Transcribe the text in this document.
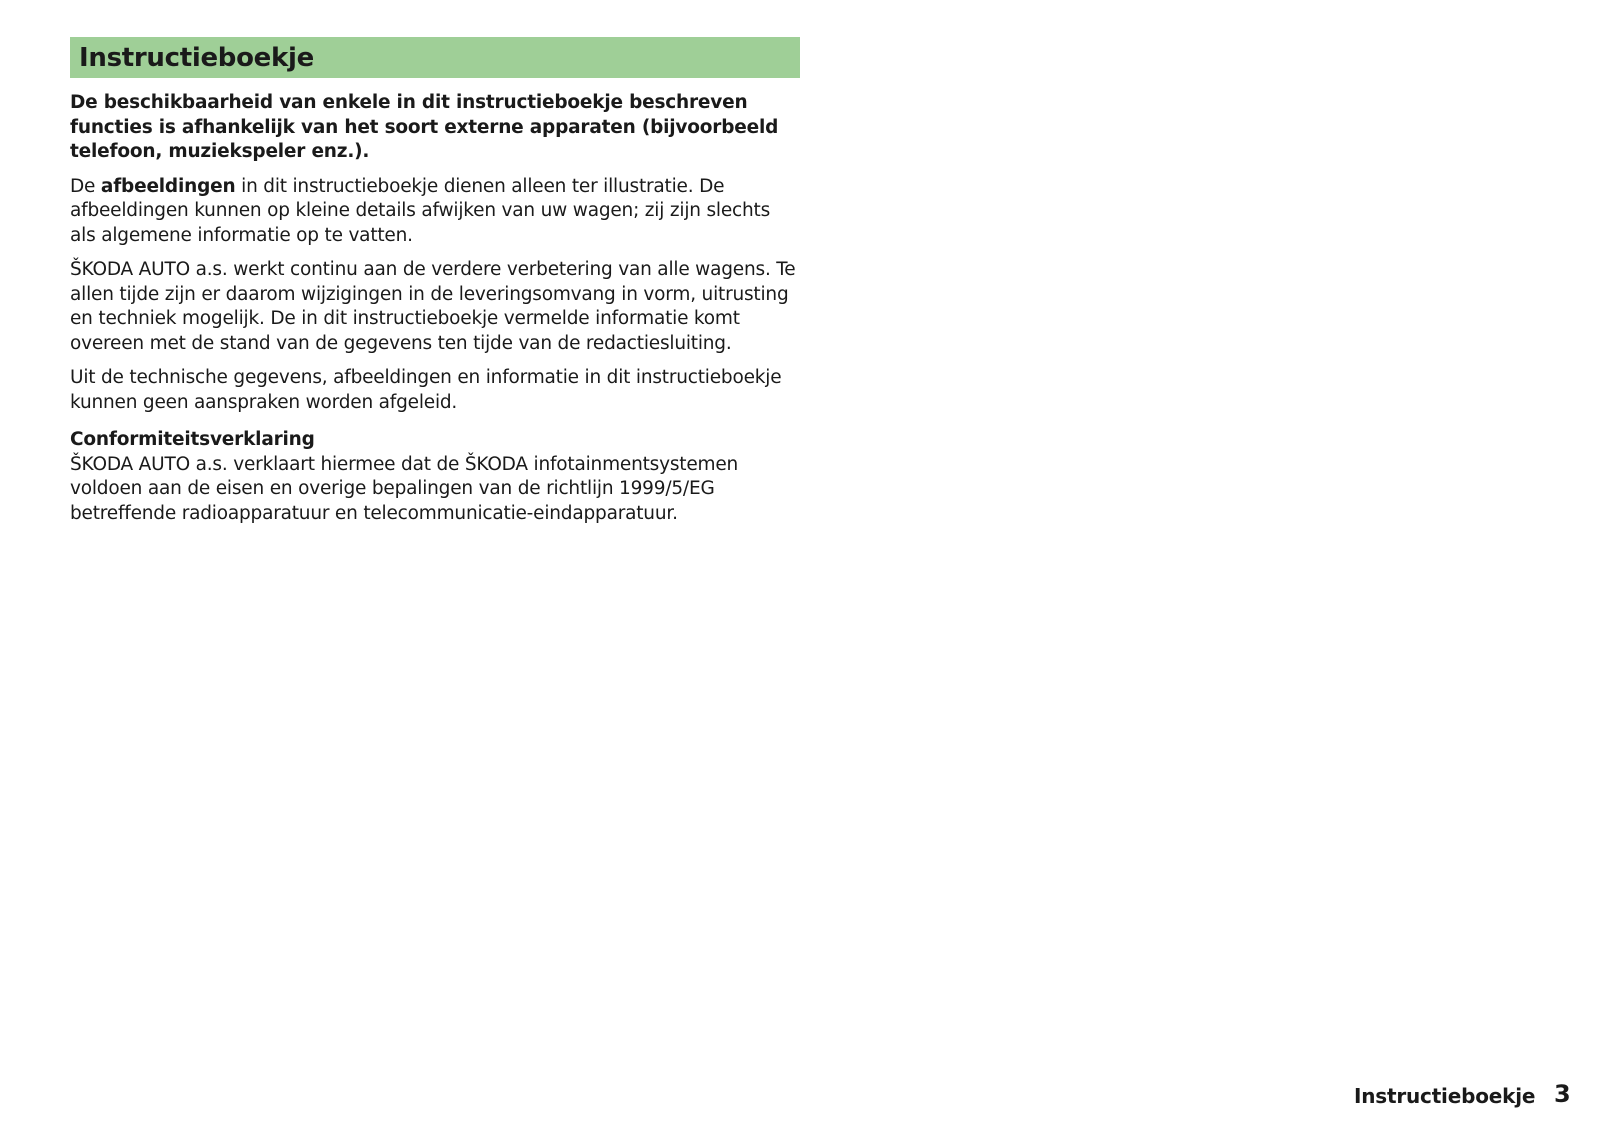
Instructieboekje
De beschikbaarheid van enkele in dit instructieboekje beschreven functies is afhankelijk van het soort externe apparaten (bijvoorbeeld telefoon, muziekspeler enz.).
De afbeeldingen in dit instructieboekje dienen alleen ter illustratie. De afbeeldingen kunnen op kleine details afwijken van uw wagen; zij zijn slechts als algemene informatie op te vatten.
ŠKODA AUTO a.s. werkt continu aan de verdere verbetering van alle wagens. Te allen tijde zijn er daarom wijzigingen in de leveringsomvang in vorm, uitrusting en techniek mogelijk. De in dit instructieboekje vermelde informatie komt overeen met de stand van de gegevens ten tijde van de redactiesluiting.
Uit de technische gegevens, afbeeldingen en informatie in dit instructieboekje kunnen geen aanspraken worden afgeleid.
Conformiteitsverklaring
ŠKODA AUTO a.s. verklaart hiermee dat de ŠKODA infotainmentsystemen voldoen aan de eisen en overige bepalingen van de richtlijn 1999/5/EG betreffende radioapparatuur en telecommunicatie-eindapparatuur.
Instructieboekje 3
